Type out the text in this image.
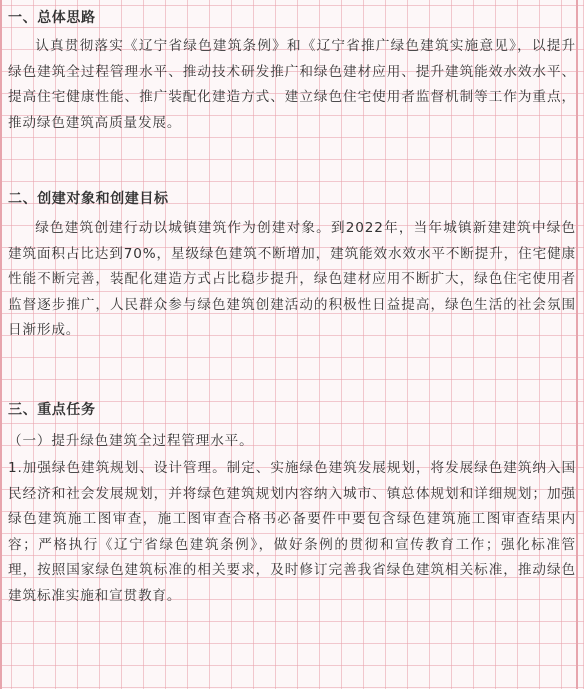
一、总体思路

认真贯彻落实《辽宁省绿色建筑条例》和《辽宁省推广绿色建筑实施意见》，以提升绿色建筑全过程管理水平、推动技术研发推广和绿色建材应用、提升建筑能效水效水平、提高住宅健康性能、推广装配化建造方式、建立绿色住宅使用者监督机制等工作为重点，推动绿色建筑高质量发展。

二、创建对象和创建目标

绿色建筑创建行动以城镇建筑作为创建对象。到2022年，当年城镇新建建筑中绿色建筑面积占比达到70%，星级绿色建筑不断增加，建筑能效水效水平不断提升，住宅健康性能不断完善，装配化建造方式占比稳步提升，绿色建材应用不断扩大，绿色住宅使用者监督逐步推广，人民群众参与绿色建筑创建活动的积极性日益提高，绿色生活的社会氛围日渐形成。

三、重点任务
（一）提升绿色建筑全过程管理水平。

1.加强绿色建筑规划、设计管理。制定、实施绿色建筑发展规划，将发展绿色建筑纳入国民经济和社会发展规划，并将绿色建筑规划内容纳入城市、镇总体规划和详细规划；加强绿色建筑施工图审查，施工图审查合格书必备要件中要包含绿色建筑施工图审查结果内容；严格执行《辽宁省绿色建筑条例》，做好条例的贯彻和宣传教育工作；强化标准管理，按照国家绿色建筑标准的相关要求，及时修订完善我省绿色建筑相关标准，推动绿色建筑标准实施和宣贯教育。
